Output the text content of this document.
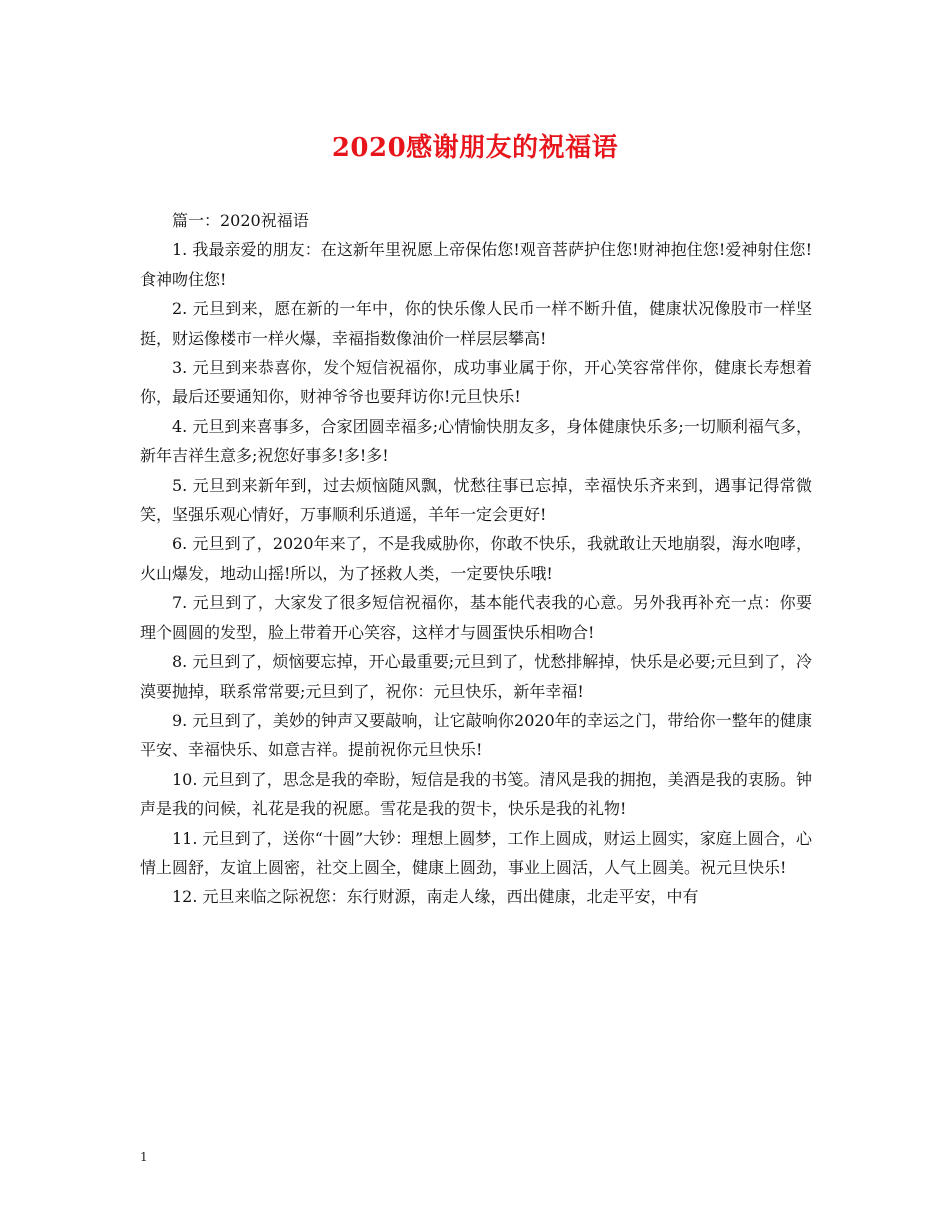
2020感谢朋友的祝福语

篇一：2020祝福语

1. 我最亲爱的朋友：在这新年里祝愿上帝保佑您!观音菩萨护住您!财神抱住您!爱神射住您!食神吻住您!

2. 元旦到来，愿在新的一年中，你的快乐像人民币一样不断升值，健康状况像股市一样坚挺，财运像楼市一样火爆，幸福指数像油价一样层层攀高!

3. 元旦到来恭喜你，发个短信祝福你，成功事业属于你，开心笑容常伴你，健康长寿想着你，最后还要通知你，财神爷爷也要拜访你!元旦快乐!

4. 元旦到来喜事多，合家团圆幸福多;心情愉快朋友多，身体健康快乐多;一切顺利福气多，新年吉祥生意多;祝您好事多!多!多!

5. 元旦到来新年到，过去烦恼随风飘，忧愁往事已忘掉，幸福快乐齐来到，遇事记得常微笑，坚强乐观心情好，万事顺利乐逍遥，羊年一定会更好!

6. 元旦到了，2020年来了，不是我威胁你，你敢不快乐，我就敢让天地崩裂，海水咆哮，火山爆发，地动山摇!所以，为了拯救人类，一定要快乐哦!

7. 元旦到了，大家发了很多短信祝福你，基本能代表我的心意。另外我再补充一点：你要理个圆圆的发型，脸上带着开心笑容，这样才与圆蛋快乐相吻合!

8. 元旦到了，烦恼要忘掉，开心最重要;元旦到了，忧愁排解掉，快乐是必要;元旦到了，冷漠要抛掉，联系常常要;元旦到了，祝你：元旦快乐，新年幸福!

9. 元旦到了，美妙的钟声又要敲响，让它敲响你2020年的幸运之门，带给你一整年的健康平安、幸福快乐、如意吉祥。提前祝你元旦快乐!

10. 元旦到了，思念是我的牵盼，短信是我的书笺。清风是我的拥抱，美酒是我的衷肠。钟声是我的问候，礼花是我的祝愿。雪花是我的贺卡，快乐是我的礼物!

11. 元旦到了，送你“十圆”大钞：理想上圆梦，工作上圆成，财运上圆实，家庭上圆合，心情上圆舒，友谊上圆密，社交上圆全，健康上圆劲，事业上圆活，人气上圆美。祝元旦快乐!

12. 元旦来临之际祝您：东行财源，南走人缘，西出健康，北走平安，中有

1
